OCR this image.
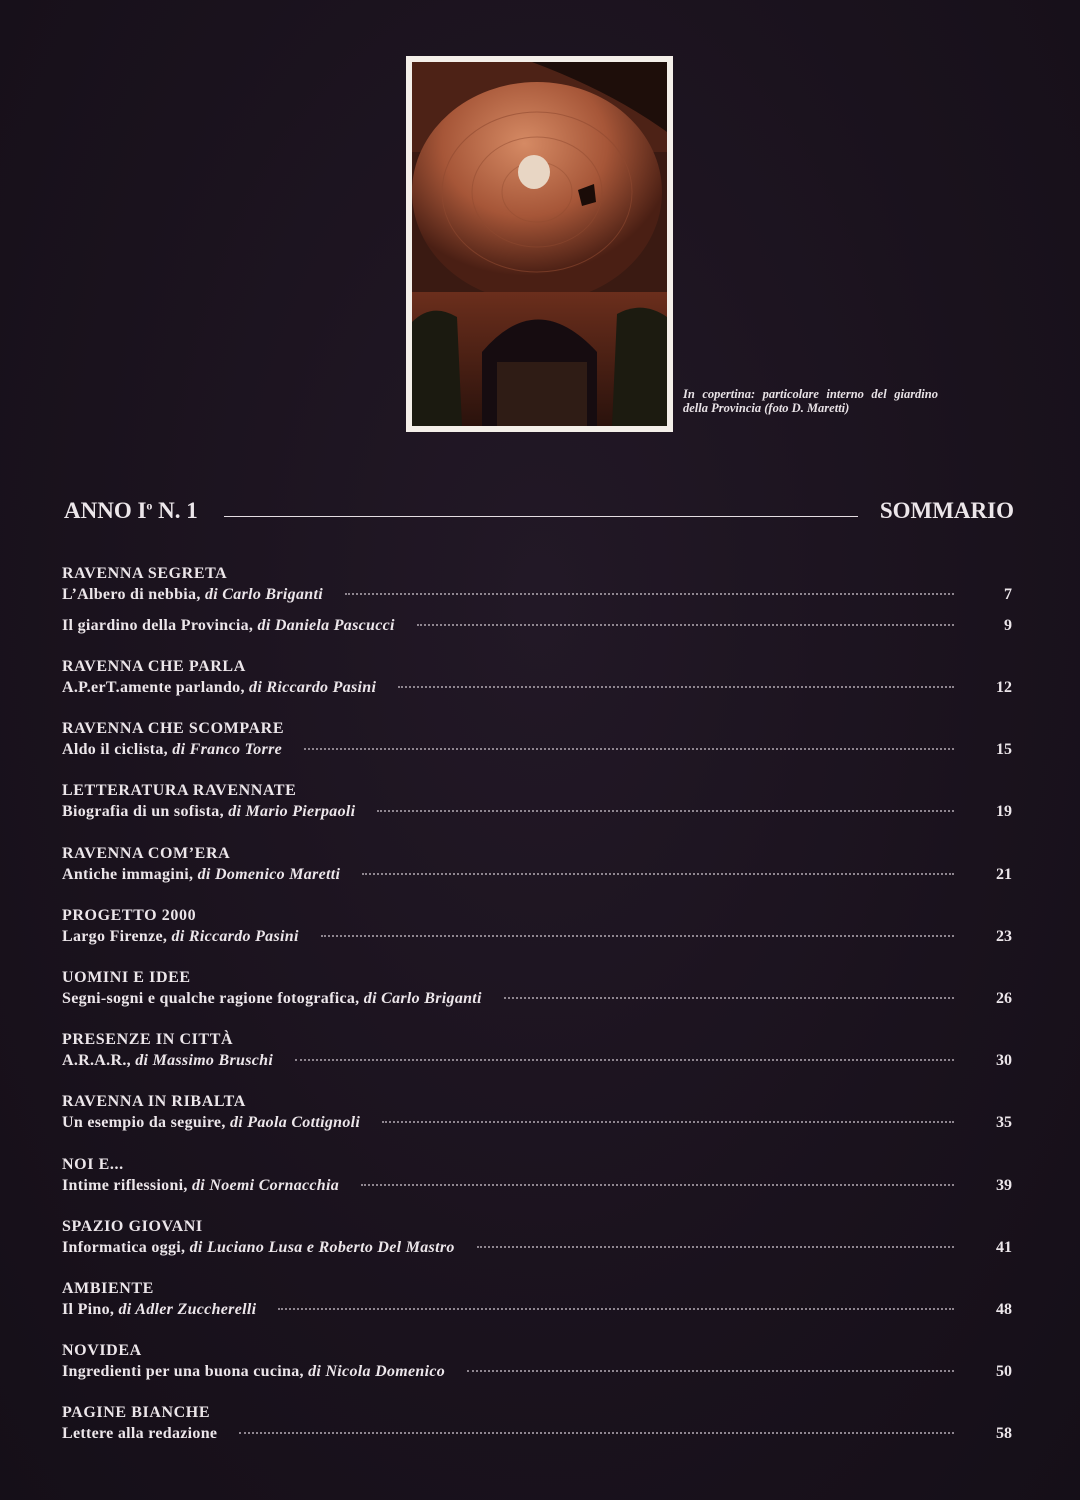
In copertina: particolare interno del giardino della Provincia (foto D. Maretti)
ANNO $I^o$ N. 1	SOMMARIO
RAVENNA SEGRETA
L’Albero di nebbia, di Carlo Briganti	7
Il giardino della Provincia, di Daniela Pascucci	9
RAVENNA CHE PARLA
A.P.erT.amente parlando, di Riccardo Pasini	12
RAVENNA CHE SCOMPARE
Aldo il ciclista, di Franco Torre	15
LETTERATURA RAVENNATE
Biografia di un sofista, di Mario Pierpaoli	19
RAVENNA COM’ERA
Antiche immagini, di Domenico Maretti	21
PROGETTO 2000
Largo Firenze, di Riccardo Pasini	23
UOMINI E IDEE
Segni-sogni e qualche ragione fotografica, di Carlo Briganti	26
PRESENZE IN CITTÀ
A.R.A.R., di Massimo Bruschi	30
RAVENNA IN RIBALTA
Un esempio da seguire, di Paola Cottignoli	35
NOI E...
Intime riflessioni, di Noemi Cornacchia	39
SPAZIO GIOVANI
Informatica oggi, di Luciano Lusa e Roberto Del Mastro	41
AMBIENTE
Il Pino, di Adler Zuccherelli	48
NOVIDEA
Ingredienti per una buona cucina, di Nicola Domenico	50
PAGINE BIANCHE
Lettere alla redazione	58
